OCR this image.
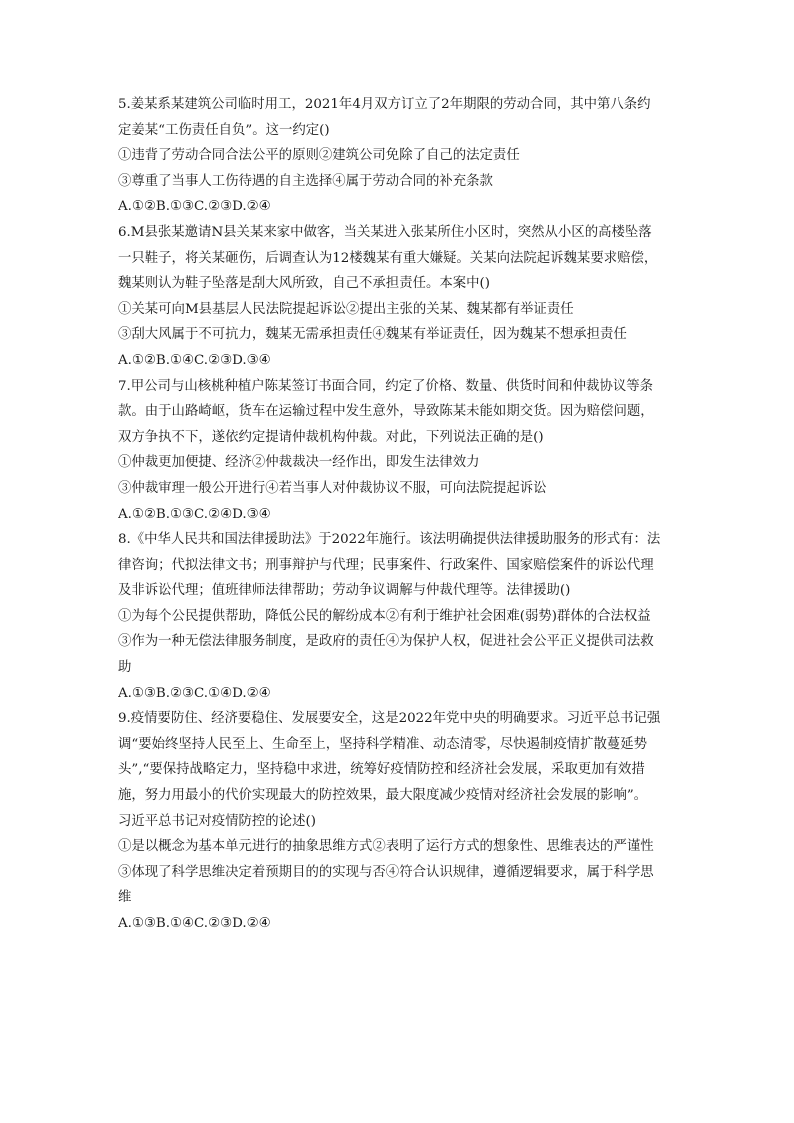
5.姜某系某建筑公司临时用工，2021年4月双方订立了2年期限的劳动合同，其中第八条约
定姜某“工伤责任自负”。这一约定()
①违背了劳动合同合法公平的原则②建筑公司免除了自己的法定责任
③尊重了当事人工伤待遇的自主选择④属于劳动合同的补充条款
A.①②B.①③C.②③D.②④
6.M县张某邀请N县关某来家中做客，当关某进入张某所住小区时，突然从小区的高楼坠落
一只鞋子，将关某砸伤，后调查认为12楼魏某有重大嫌疑。关某向法院起诉魏某要求赔偿，
魏某则认为鞋子坠落是刮大风所致，自己不承担责任。本案中()
①关某可向M县基层人民法院提起诉讼②提出主张的关某、魏某都有举证责任
③刮大风属于不可抗力，魏某无需承担责任④魏某有举证责任，因为魏某不想承担责任
A.①②B.①④C.②③D.③④
7.甲公司与山核桃种植户陈某签订书面合同，约定了价格、数量、供货时间和仲裁协议等条
款。由于山路崎岖，货车在运输过程中发生意外，导致陈某未能如期交货。因为赔偿问题，
双方争执不下，遂依约定提请仲裁机构仲裁。对此，下列说法正确的是()
①仲裁更加便捷、经济②仲裁裁决一经作出，即发生法律效力
③仲裁审理一般公开进行④若当事人对仲裁协议不服，可向法院提起诉讼
A.①②B.①③C.②④D.③④
8.《中华人民共和国法律援助法》于2022年施行。该法明确提供法律援助服务的形式有：法
律咨询；代拟法律文书；刑事辩护与代理；民事案件、行政案件、国家赔偿案件的诉讼代理
及非诉讼代理；值班律师法律帮助；劳动争议调解与仲裁代理等。法律援助()
①为每个公民提供帮助，降低公民的解纷成本②有利于维护社会困难(弱势)群体的合法权益
③作为一种无偿法律服务制度，是政府的责任④为保护人权，促进社会公平正义提供司法救
助
A.①③B.②③C.①④D.②④
9.疫情要防住、经济要稳住、发展要安全，这是2022年党中央的明确要求。习近平总书记强
调“要始终坚持人民至上、生命至上，坚持科学精准、动态清零，尽快遏制疫情扩散蔓延势
头”,“要保持战略定力，坚持稳中求进，统筹好疫情防控和经济社会发展，采取更加有效措
施，努力用最小的代价实现最大的防控效果，最大限度减少疫情对经济社会发展的影响”。
习近平总书记对疫情防控的论述()
①是以概念为基本单元进行的抽象思维方式②表明了运行方式的想象性、思维表达的严谨性
③体现了科学思维决定着预期目的的实现与否④符合认识规律，遵循逻辑要求，属于科学思
维
A.①③B.①④C.②③D.②④
